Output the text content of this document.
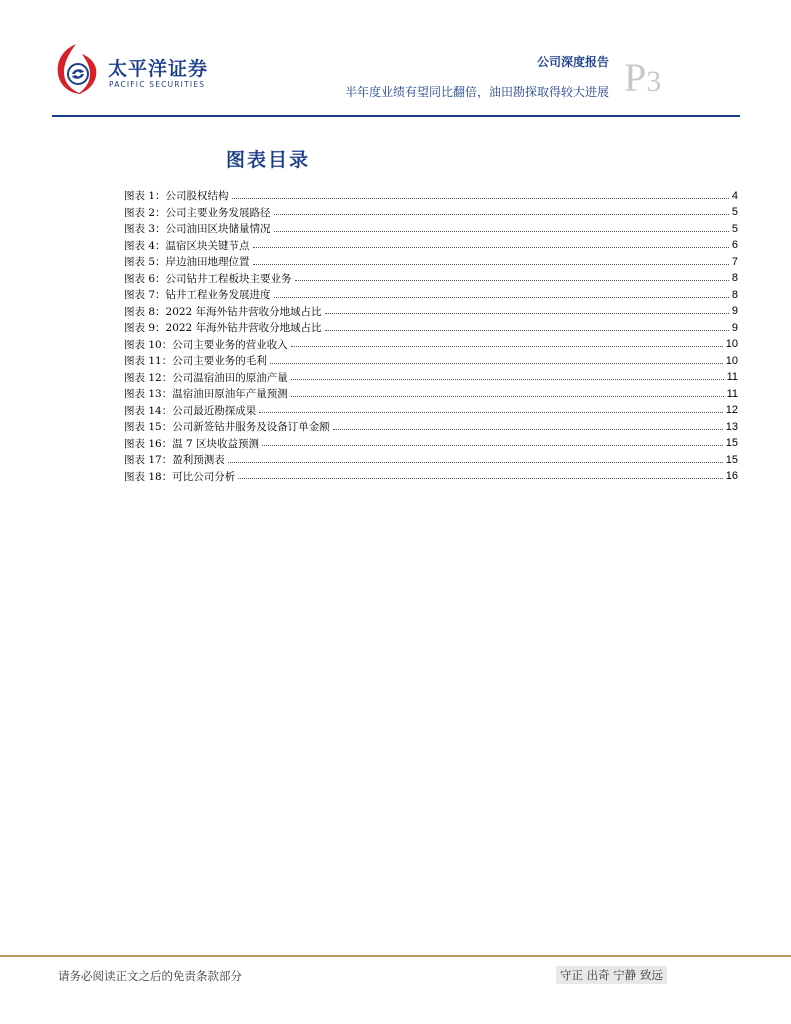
太平洋证券
PACIFIC SECURITIES
公司深度报告
半年度业绩有望同比翻倍，油田勘探取得较大进展 P3
图表目录
图表 1：公司股权结构	4
图表 2：公司主要业务发展路径	5
图表 3：公司油田区块储量情况	5
图表 4：温宿区块关键节点	6
图表 5：岸边油田地理位置	7
图表 6：公司钻井工程板块主要业务	8
图表 7：钻井工程业务发展进度	8
图表 8：2022 年海外钻井营收分地域占比	9
图表 9：2022 年海外钻井营收分地域占比	9
图表 10：公司主要业务的营业收入	10
图表 11：公司主要业务的毛利	10
图表 12：公司温宿油田的原油产量	11
图表 13：温宿油田原油年产量预测	11
图表 14：公司最近勘探成果	12
图表 15：公司新签钻井服务及设备订单金额	13
图表 16：温 7 区块收益预测	15
图表 17：盈利预测表	15
图表 18：可比公司分析	16
请务必阅读正文之后的免责条款部分	守正 出奇 宁静 致远
